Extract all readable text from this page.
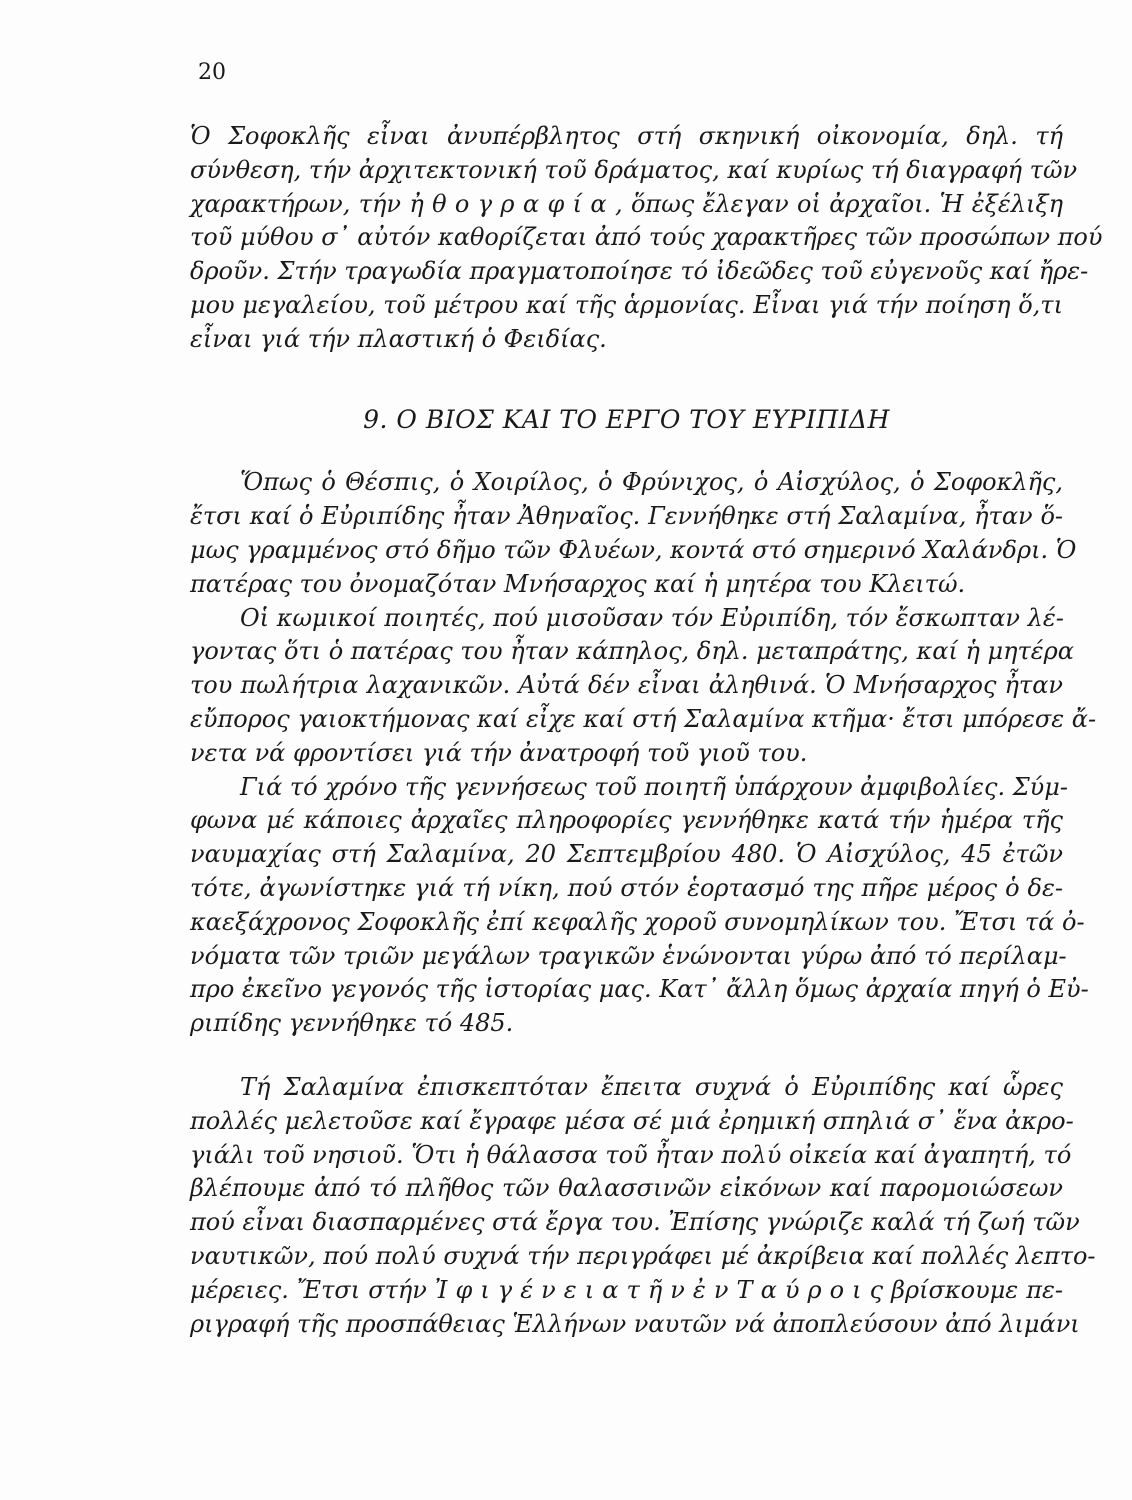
20
Ὁ Σοφοκλῆς εἶναι ἀνυπέρβλητος στή σκηνική οἰκονομία, δηλ. τή
σύνθεση, τήν ἀρχιτεκτονική τοῦ δράματος, καί κυρίως τή διαγραφή τῶν
χαρακτήρων, τήν ἠ θ ο γ ρ α φ ί α , ὅπως ἔλεγαν οἱ ἀρχαῖοι. Ἡ ἐξέλιξη
τοῦ μύθου σ᾽ αὐτόν καθορίζεται ἀπό τούς χαρακτῆρες τῶν προσώπων πού
δροῦν. Στήν τραγωδία πραγματοποίησε τό ἰδεῶδες τοῦ εὐγενοῦς καί ἤρε-
μου μεγαλείου, τοῦ μέτρου καί τῆς ἁρμονίας. Εἶναι γιά τήν ποίηση ὅ,τι
εἶναι γιά τήν πλαστική ὁ Φειδίας.
9. Ο ΒΙΟΣ ΚΑΙ ΤΟ ΕΡΓΟ ΤΟΥ ΕΥΡΙΠΙΔΗ
Ὅπως ὁ Θέσπις, ὁ Χοιρίλος, ὁ Φρύνιχος, ὁ Αἰσχύλος, ὁ Σοφοκλῆς,
ἔτσι καί ὁ Εὐριπίδης ἦταν Ἀθηναῖος. Γεννήθηκε στή Σαλαμίνα, ἦταν ὅ-
μως γραμμένος στό δῆμο τῶν Φλυέων, κοντά στό σημερινό Χαλάνδρι. Ὁ
πατέρας του ὀνομαζόταν Μνήσαρχος καί ἡ μητέρα του Κλειτώ.
Οἱ κωμικοί ποιητές, πού μισοῦσαν τόν Εὐριπίδη, τόν ἔσκωπταν λέ-
γοντας ὅτι ὁ πατέρας του ἦταν κάπηλος, δηλ. μεταπράτης, καί ἡ μητέρα
του πωλήτρια λαχανικῶν. Αὐτά δέν εἶναι ἀληθινά. Ὁ Μνήσαρχος ἦταν
εὔπορος γαιοκτήμονας καί εἶχε καί στή Σαλαμίνα κτῆμα· ἔτσι μπόρεσε ἄ-
νετα νά φροντίσει γιά τήν ἀνατροφή τοῦ γιοῦ του.
Γιά τό χρόνο τῆς γεννήσεως τοῦ ποιητῆ ὑπάρχουν ἀμφιβολίες. Σύμ-
φωνα μέ κάποιες ἀρχαῖες πληροφορίες γεννήθηκε κατά τήν ἡμέρα τῆς
ναυμαχίας στή Σαλαμίνα, 20 Σεπτεμβρίου 480. Ὁ Αἰσχύλος, 45 ἐτῶν
τότε, ἀγωνίστηκε γιά τή νίκη, πού στόν ἑορτασμό της πῆρε μέρος ὁ δε-
καεξάχρονος Σοφοκλῆς ἐπί κεφαλῆς χοροῦ συνομηλίκων του. Ἔτσι τά ὀ-
νόματα τῶν τριῶν μεγάλων τραγικῶν ἑνώνονται γύρω ἀπό τό περίλαμ-
προ ἐκεῖνο γεγονός τῆς ἱστορίας μας. Κατ᾽ ἄλλη ὅμως ἀρχαία πηγή ὁ Εὐ-
ριπίδης γεννήθηκε τό 485.
Τή Σαλαμίνα ἐπισκεπτόταν ἔπειτα συχνά ὁ Εὐριπίδης καί ὧρες
πολλές μελετοῦσε καί ἔγραφε μέσα σέ μιά ἐρημική σπηλιά σ᾽ ἕνα ἀκρο-
γιάλι τοῦ νησιοῦ. Ὅτι ἡ θάλασσα τοῦ ἦταν πολύ οἰκεία καί ἀγαπητή, τό
βλέπουμε ἀπό τό πλῆθος τῶν θαλασσινῶν εἰκόνων καί παρομοιώσεων
πού εἶναι διασπαρμένες στά ἔργα του. Ἐπίσης γνώριζε καλά τή ζωή τῶν
ναυτικῶν, πού πολύ συχνά τήν περιγράφει μέ ἀκρίβεια καί πολλές λεπτο-
μέρειες. Ἔτσι στήν Ἰ φ ι γ έ ν ε ι α τ ῆ ν ἐ ν Τ α ύ ρ ο ι ς βρίσκουμε πε-
ριγραφή τῆς προσπάθειας Ἑλλήνων ναυτῶν νά ἀποπλεύσουν ἀπό λιμάνι
